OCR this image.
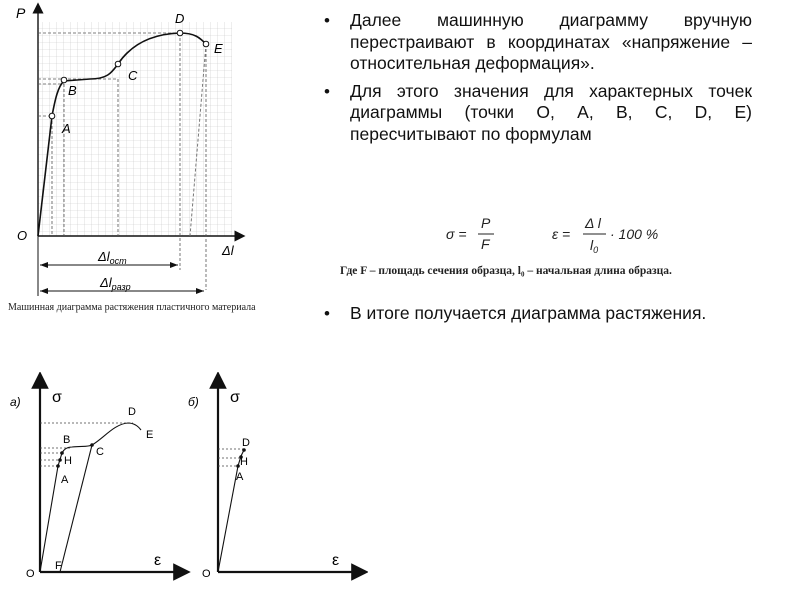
P
Δl
O
A
B
C
D
E
$\Delta l_{ост}$
$\Delta l_{разр}$
Машинная диаграмма растяжения пластичного материала
• Далее машинную диаграмму вручную перестраивают в координатах «напряжение – относительная деформация».
• Для этого значения для характерных точек диаграммы (точки О, А, В, С, D, Е) пересчитывают по формулам
σ =
P
F
ε =
Δ l
$l_0$
· 100 %
Где F – площадь сечения образца, l₀ – начальная длина образца.
• В итоге получается диаграмма растяжения.
а) σ
ε
O
A
H
B
C
D
E
F
б) σ
ε
O
A
H
D
